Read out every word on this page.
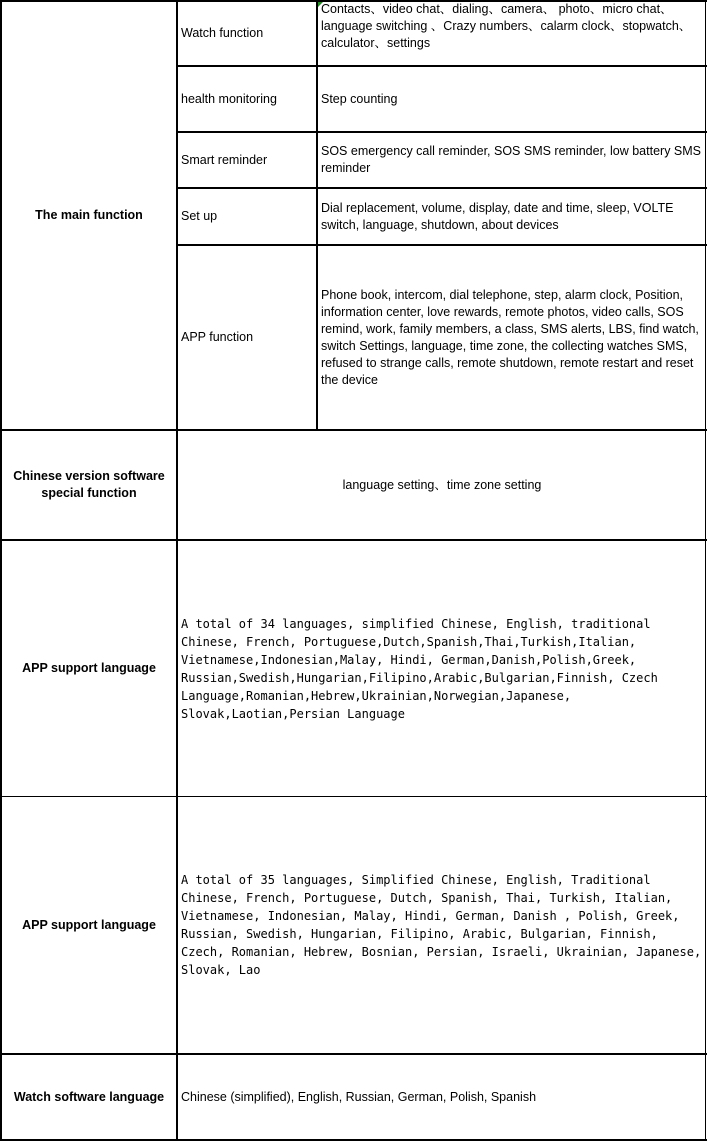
The main function
Watch function
Contacts、video chat、dialing、camera、 photo、micro chat、language switching 、Crazy numbers、calarm clock、stopwatch、calculator、settings
health monitoring	Step counting
Smart reminder
SOS emergency call reminder, SOS SMS reminder, low battery SMS reminder
Set up
Dial replacement, volume, display, date and time, sleep, VOLTE switch, language, shutdown, about devices
APP function
Phone book, intercom, dial telephone, step, alarm clock, Position, information center, love rewards, remote photos, video calls, SOS remind, work, family members, a class, SMS alerts, LBS, find watch, switch Settings, language, time zone, the collecting watches SMS, refused to strange calls, remote shutdown, remote restart and reset the device
Chinese version software special function
language setting、time zone setting
APP support language
A total of 34 languages, simplified Chinese, English, traditional Chinese, French, Portuguese,Dutch,Spanish,Thai,Turkish,Italian, Vietnamese,Indonesian,Malay, Hindi, German,Danish,Polish,Greek, Russian,Swedish,Hungarian,Filipino,Arabic,Bulgarian,Finnish, Czech Language,Romanian,Hebrew,Ukrainian,Norwegian,Japanese, Slovak,Laotian,Persian Language
APP support language
A total of 35 languages, Simplified Chinese, English, Traditional Chinese, French, Portuguese, Dutch, Spanish, Thai, Turkish, Italian, Vietnamese, Indonesian, Malay, Hindi, German, Danish , Polish, Greek, Russian, Swedish, Hungarian, Filipino, Arabic, Bulgarian, Finnish, Czech, Romanian, Hebrew, Bosnian, Persian, Israeli, Ukrainian, Japanese, Slovak, Lao
Watch software language Chinese (simplified), English, Russian, German, Polish, Spanish
